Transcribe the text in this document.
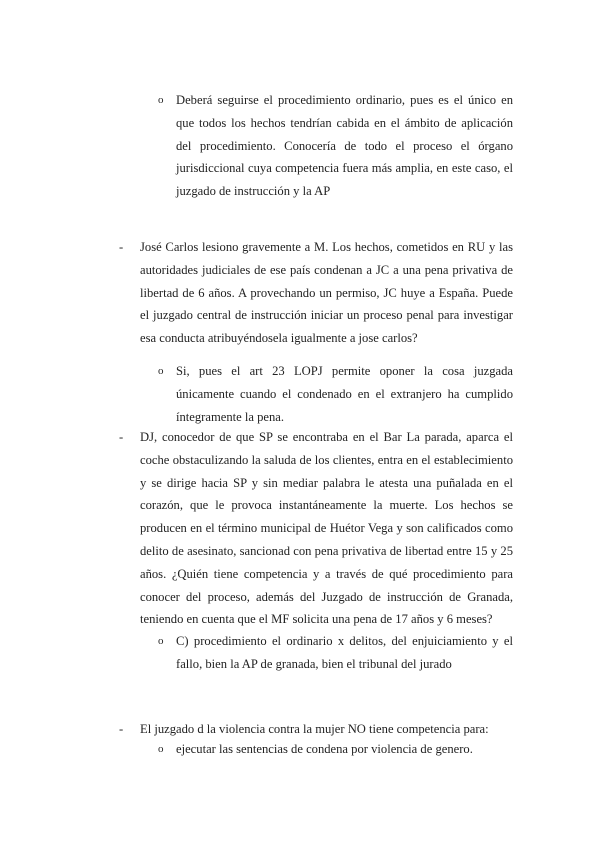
o Deberá seguirse el procedimiento ordinario, pues es el único en que todos los hechos tendrían cabida en el ámbito de aplicación del procedimiento. Conocería de todo el proceso el órgano jurisdiccional cuya competencia fuera más amplia, en este caso, el juzgado de instrucción y la AP
- José Carlos lesiono gravemente a M. Los hechos, cometidos en RU y las autoridades judiciales de ese país condenan a JC a una pena privativa de libertad de 6 años. A provechando un permiso, JC huye a España. Puede el juzgado central de instrucción iniciar un proceso penal para investigar esa conducta atribuyéndosela igualmente a jose carlos?
o Si, pues el art 23 LOPJ permite oponer la cosa juzgada únicamente cuando el condenado en el extranjero ha cumplido íntegramente la pena.
- DJ, conocedor de que SP se encontraba en el Bar La parada, aparca el coche obstaculizando la saluda de los clientes, entra en el establecimiento y se dirige hacia SP y sin mediar palabra le atesta una puñalada en el corazón, que le provoca instantáneamente la muerte. Los hechos se producen en el término municipal de Huétor Vega y son calificados como delito de asesinato, sancionad con pena privativa de libertad entre 15 y 25 años. ¿Quién tiene competencia y a través de qué procedimiento para conocer del proceso, además del Juzgado de instrucción de Granada, teniendo en cuenta que el MF solicita una pena de 17 años y 6 meses?
o C) procedimiento el ordinario x delitos, del enjuiciamiento y el fallo, bien la AP de granada, bien el tribunal del jurado
- El juzgado d la violencia contra la mujer NO tiene competencia para:
o ejecutar las sentencias de condena por violencia de genero.
